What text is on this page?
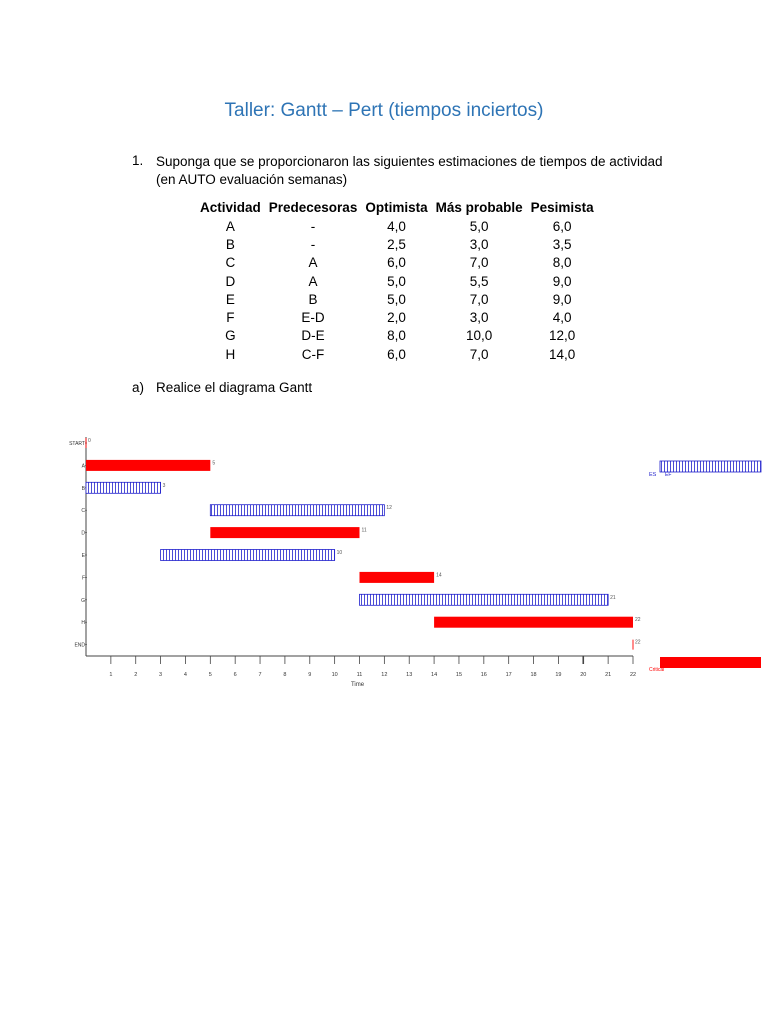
Taller: Gantt – Pert (tiempos inciertos)
1. Suponga que se proporcionaron las siguientes estimaciones de tiempos de actividad
(en AUTO evaluación semanas)
Actividad	Predecesoras	Optimista	Más probable	Pesimista
A	-	4,0	5,0	6,0
B	-	2,5	3,0	3,5
C	A	6,0	7,0	8,0
D	A	5,0	5,5	9,0
E	B	5,0	7,0	9,0
F	E-D	2,0	3,0	4,0
G	D-E	8,0	10,0	12,0
H	C-F	6,0	7,0	14,0
a) Realice el diagrama Gantt
1	2	3	4	5	6	7	8	9	10	11	12	13	14	15	16	17	18	19	20	21	22
Time
START 0
A	5
B	3
C	12
D	11
E	10
F	14
G	21
H	22
END	22
ES EF
Critical
